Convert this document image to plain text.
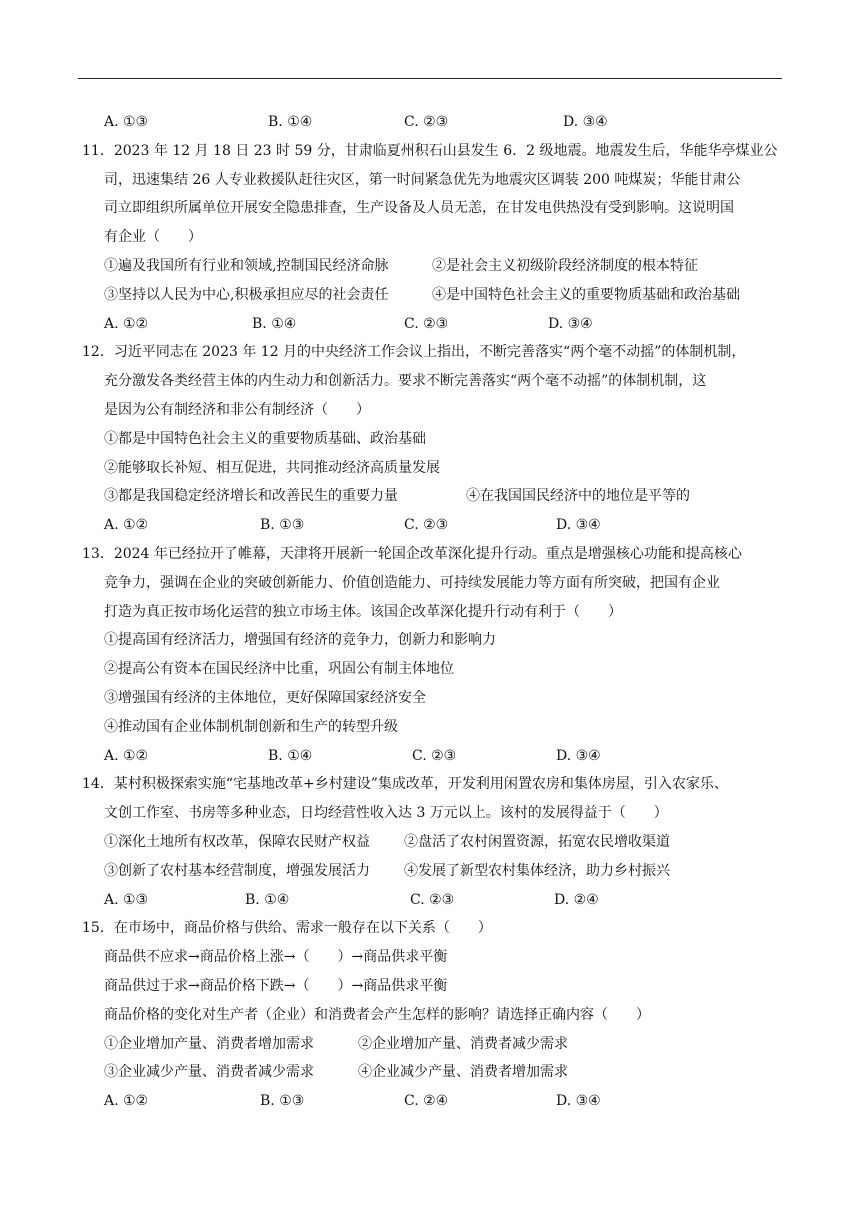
A. ①③	B. ①④	C. ②③	D. ③④
11．2023 年 12 月 18 日 23 时 59 分，甘肃临夏州积石山县发生 6．2 级地震。地震发生后，华能华亭煤业公
司，迅速集结 26 人专业救援队赶往灾区，第一时间紧急优先为地震灾区调装 200 吨煤炭；华能甘肃公
司立即组织所属单位开展安全隐患排查，生产设备及人员无恙，在甘发电供热没有受到影响。这说明国
有企业（　　）
①遍及我国所有行业和领域,控制国民经济命脉	②是社会主义初级阶段经济制度的根本特征
③坚持以人民为中心,积极承担应尽的社会责任	④是中国特色社会主义的重要物质基础和政治基础
A. ①②	B. ①④	C. ②③	D. ③④
12．习近平同志在 2023 年 12 月的中央经济工作会议上指出，不断完善落实“两个毫不动摇”的体制机制，
充分激发各类经营主体的内生动力和创新活力。要求不断完善落实“两个毫不动摇”的体制机制，这
是因为公有制经济和非公有制经济（　　）
①都是中国特色社会主义的重要物质基础、政治基础
②能够取长补短、相互促进，共同推动经济高质量发展
③都是我国稳定经济增长和改善民生的重要力量	④在我国国民经济中的地位是平等的
A. ①②	B. ①③	C. ②③	D. ③④
13．2024 年已经拉开了帷幕，天津将开展新一轮国企改革深化提升行动。重点是增强核心功能和提高核心
竞争力，强调在企业的突破创新能力、价值创造能力、可持续发展能力等方面有所突破，把国有企业
打造为真正按市场化运营的独立市场主体。该国企改革深化提升行动有利于（　　）
①提高国有经济活力，增强国有经济的竞争力，创新力和影响力
②提高公有资本在国民经济中比重，巩固公有制主体地位
③增强国有经济的主体地位，更好保障国家经济安全
④推动国有企业体制机制创新和生产的转型升级
A. ①②	B. ①④	C. ②③	D. ③④
14．某村积极探索实施“宅基地改革+乡村建设”集成改革，开发利用闲置农房和集体房屋，引入农家乐、
文创工作室、书房等多种业态，日均经营性收入达 3 万元以上。该村的发展得益于（　　）
①深化土地所有权改革，保障农民财产权益 ②盘活了农村闲置资源，拓宽农民增收渠道
③创新了农村基本经营制度，增强发展活力 ④发展了新型农村集体经济，助力乡村振兴
A. ①③	B. ①④	C. ②③	D. ②④
15．在市场中，商品价格与供给、需求一般存在以下关系（　　）
商品供不应求→商品价格上涨→（　　）→商品供求平衡
商品供过于求→商品价格下跌→（　　）→商品供求平衡
商品价格的变化对生产者（企业）和消费者会产生怎样的影响？请选择正确内容（　　）
①企业增加产量、消费者增加需求	②企业增加产量、消费者减少需求
③企业减少产量、消费者减少需求	④企业减少产量、消费者增加需求
A. ①②	B. ①③	C. ②④	D. ③④
